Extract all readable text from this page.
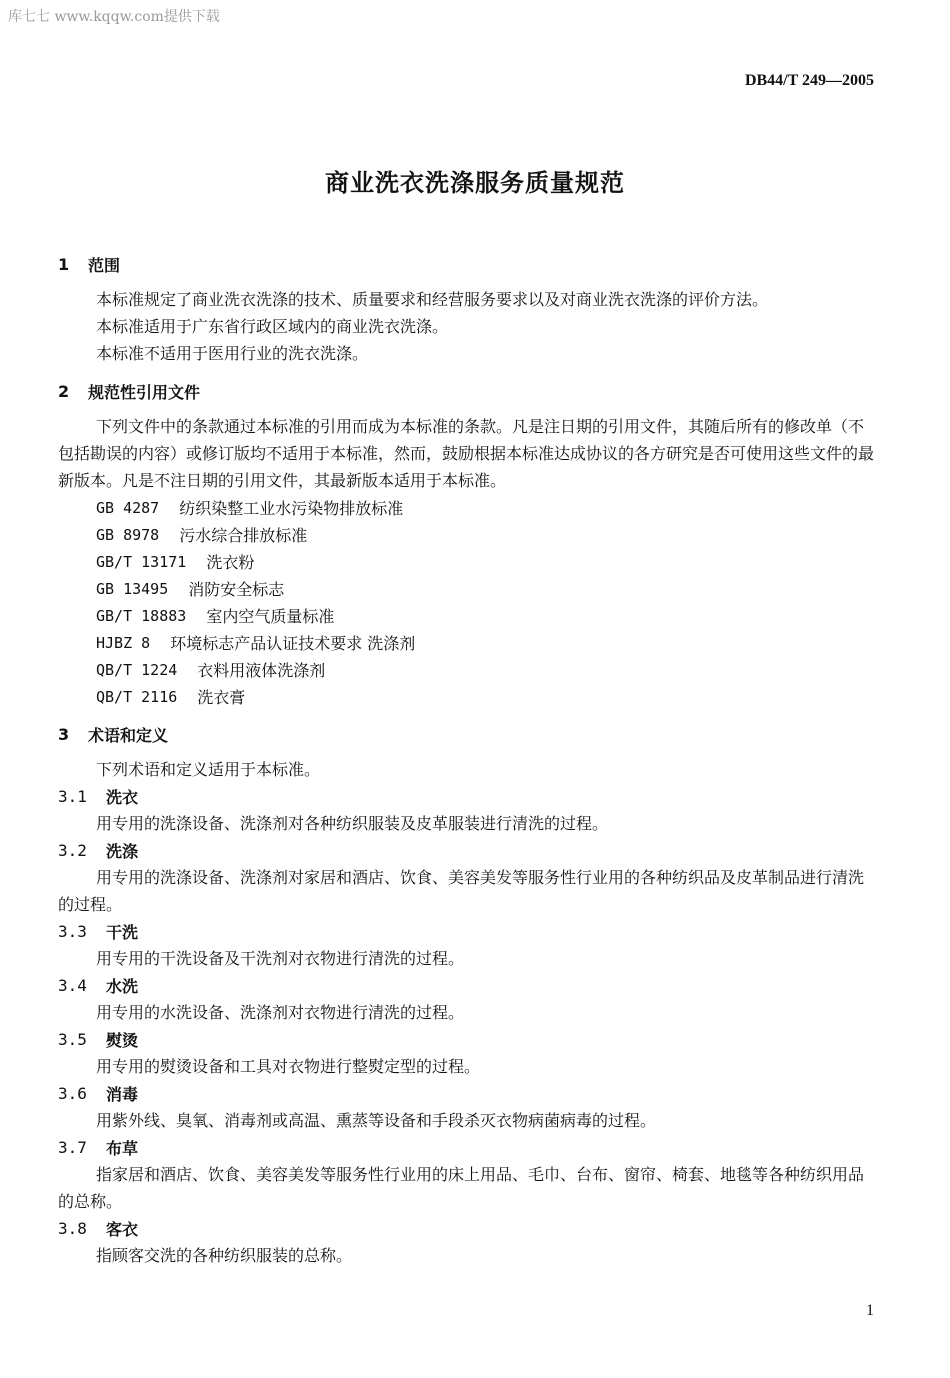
库七七 www.kqqw.com提供下载
DB44/T 249—2005
商业洗衣洗涤服务质量规范
1	范围
本标准规定了商业洗衣洗涤的技术、质量要求和经营服务要求以及对商业洗衣洗涤的评价方法。
本标准适用于广东省行政区域内的商业洗衣洗涤。
本标准不适用于医用行业的洗衣洗涤。
2	规范性引用文件
下列文件中的条款通过本标准的引用而成为本标准的条款。凡是注日期的引用文件，其随后所有的修改单（不包括勘误的内容）或修订版均不适用于本标准，然而，鼓励根据本标准达成协议的各方研究是否可使用这些文件的最新版本。凡是不注日期的引用文件，其最新版本适用于本标准。
GB 4287 纺织染整工业水污染物排放标准
GB 8978 污水综合排放标准
GB/T 13171 洗衣粉
GB 13495 消防安全标志
GB/T 18883 室内空气质量标准
HJBZ 8 环境标志产品认证技术要求 洗涤剂
QB/T 1224 衣料用液体洗涤剂
QB/T 2116 洗衣膏
3	术语和定义
下列术语和定义适用于本标准。
3.1	洗衣
用专用的洗涤设备、洗涤剂对各种纺织服装及皮革服装进行清洗的过程。
3.2	洗涤
用专用的洗涤设备、洗涤剂对家居和酒店、饮食、美容美发等服务性行业用的各种纺织品及皮革制品进行清洗的过程。
3.3	干洗
用专用的干洗设备及干洗剂对衣物进行清洗的过程。
3.4	水洗
用专用的水洗设备、洗涤剂对衣物进行清洗的过程。
3.5	熨烫
用专用的熨烫设备和工具对衣物进行整熨定型的过程。
3.6	消毒
用紫外线、臭氧、消毒剂或高温、熏蒸等设备和手段杀灭衣物病菌病毒的过程。
3.7	布草
指家居和酒店、饮食、美容美发等服务性行业用的床上用品、毛巾、台布、窗帘、椅套、地毯等各种纺织用品的总称。
3.8	客衣
指顾客交洗的各种纺织服装的总称。
1
